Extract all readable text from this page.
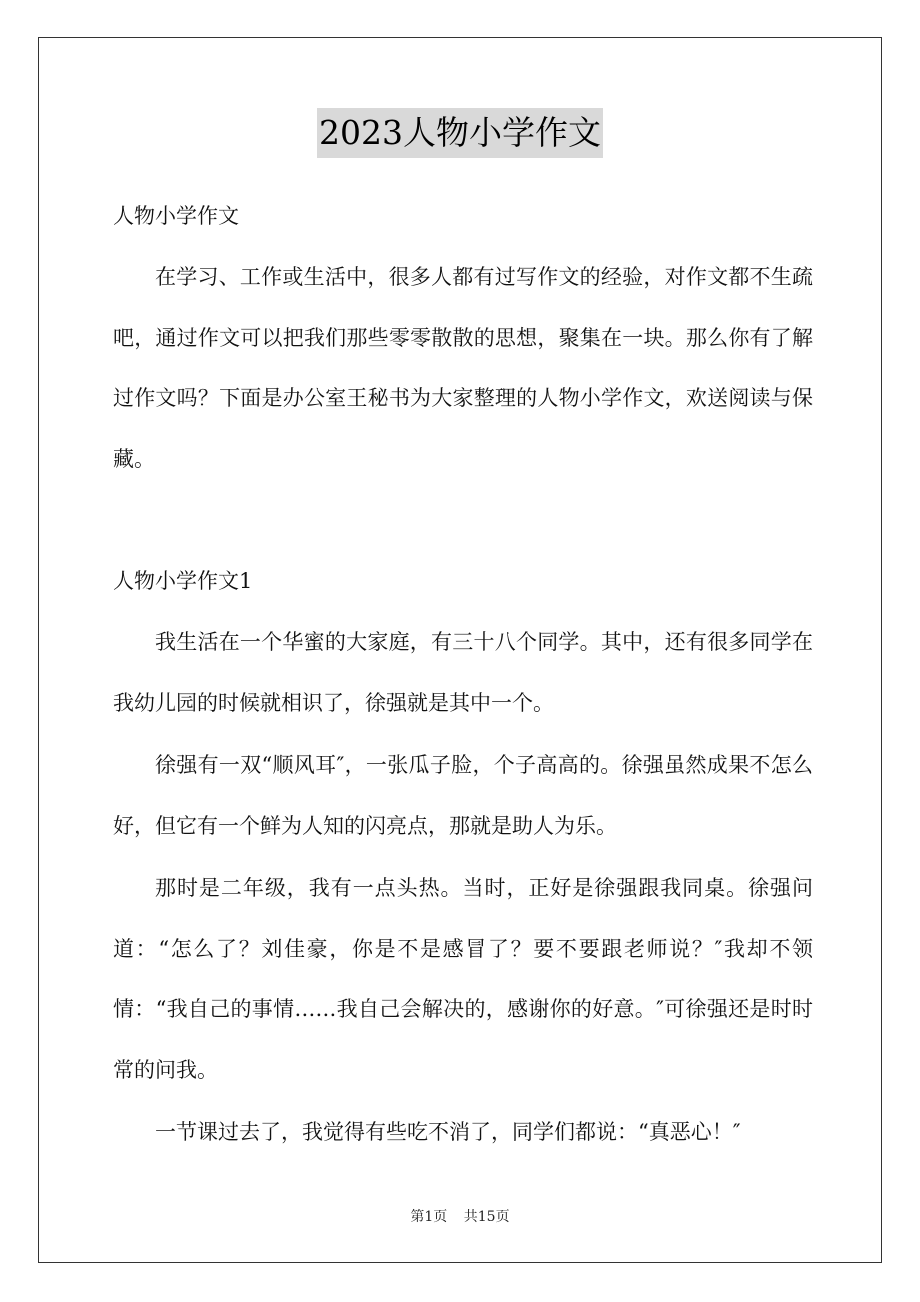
2023人物小学作文

人物小学作文

在学习、工作或生活中，很多人都有过写作文的经验，对作文都不生疏吧，通过作文可以把我们那些零零散散的思想，聚集在一块。那么你有了解过作文吗？下面是办公室王秘书为大家整理的人物小学作文，欢送阅读与保藏。

人物小学作文1

我生活在一个华蜜的大家庭，有三十八个同学。其中，还有很多同学在我幼儿园的时候就相识了，徐强就是其中一个。

徐强有一双“顺风耳″，一张瓜子脸，个子高高的。徐强虽然成果不怎么好，但它有一个鲜为人知的闪亮点，那就是助人为乐。

那时是二年级，我有一点头热。当时，正好是徐强跟我同桌。徐强问道：“怎么了？刘佳豪，你是不是感冒了？要不要跟老师说？″我却不领情：“我自己的事情……我自己会解决的，感谢你的好意。″可徐强还是时时常的问我。

一节课过去了，我觉得有些吃不消了，同学们都说：“真恶心！″

第1页 共15页
